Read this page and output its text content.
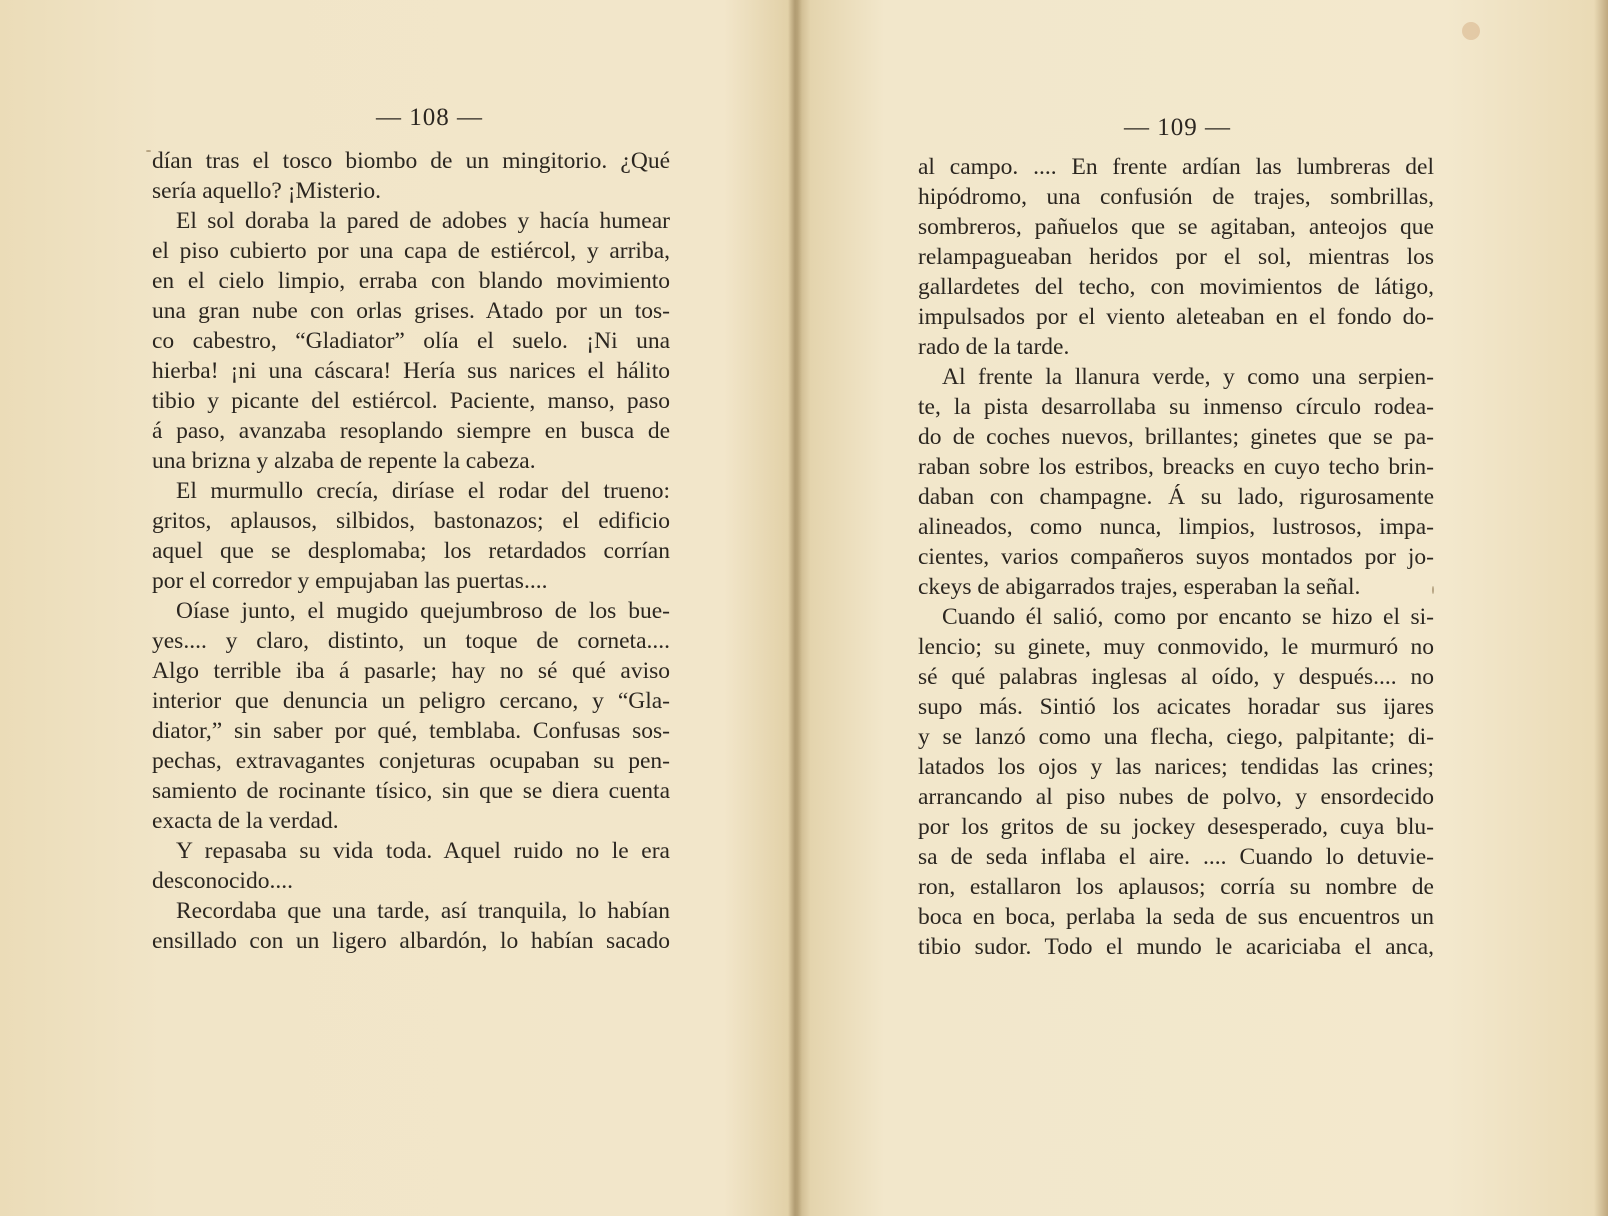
— 108 —
dían tras el tosco biombo de un mingitorio. ¿Qué
sería aquello? ¡Misterio.
El sol doraba la pared de adobes y hacía humear
el piso cubierto por una capa de estiércol, y arriba,
en el cielo limpio, erraba con blando movimiento
una gran nube con orlas grises. Atado por un tos-
co cabestro, “Gladiator” olía el suelo. ¡Ni una
hierba! ¡ni una cáscara! Hería sus narices el hálito
tibio y picante del estiércol. Paciente, manso, paso
á paso, avanzaba resoplando siempre en busca de
una brizna y alzaba de repente la cabeza.
El murmullo crecía, diríase el rodar del trueno:
gritos, aplausos, silbidos, bastonazos; el edificio
aquel que se desplomaba; los retardados corrían
por el corredor y empujaban las puertas....
Oíase junto, el mugido quejumbroso de los bue-
yes.... y claro, distinto, un toque de corneta....
Algo terrible iba á pasarle; hay no sé qué aviso
interior que denuncia un peligro cercano, y “Gla-
diator,” sin saber por qué, temblaba. Confusas sos-
pechas, extravagantes conjeturas ocupaban su pen-
samiento de rocinante tísico, sin que se diera cuenta
exacta de la verdad.
Y repasaba su vida toda. Aquel ruido no le era
desconocido....
Recordaba que una tarde, así tranquila, lo habían
ensillado con un ligero albardón, lo habían sacado
— 109 —
al campo. .... En frente ardían las lumbreras del
hipódromo, una confusión de trajes, sombrillas,
sombreros, pañuelos que se agitaban, anteojos que
relampagueaban heridos por el sol, mientras los
gallardetes del techo, con movimientos de látigo,
impulsados por el viento aleteaban en el fondo do-
rado de la tarde.
Al frente la llanura verde, y como una serpien-
te, la pista desarrollaba su inmenso círculo rodea-
do de coches nuevos, brillantes; ginetes que se pa-
raban sobre los estribos, breacks en cuyo techo brin-
daban con champagne. Á su lado, rigurosamente
alineados, como nunca, limpios, lustrosos, impa-
cientes, varios compañeros suyos montados por jo-
ckeys de abigarrados trajes, esperaban la señal.
Cuando él salió, como por encanto se hizo el si-
lencio; su ginete, muy conmovido, le murmuró no
sé qué palabras inglesas al oído, y después.... no
supo más. Sintió los acicates horadar sus ijares
y se lanzó como una flecha, ciego, palpitante; di-
latados los ojos y las narices; tendidas las crines;
arrancando al piso nubes de polvo, y ensordecido
por los gritos de su jockey desesperado, cuya blu-
sa de seda inflaba el aire. .... Cuando lo detuvie-
ron, estallaron los aplausos; corría su nombre de
boca en boca, perlaba la seda de sus encuentros un
tibio sudor. Todo el mundo le acariciaba el anca,
